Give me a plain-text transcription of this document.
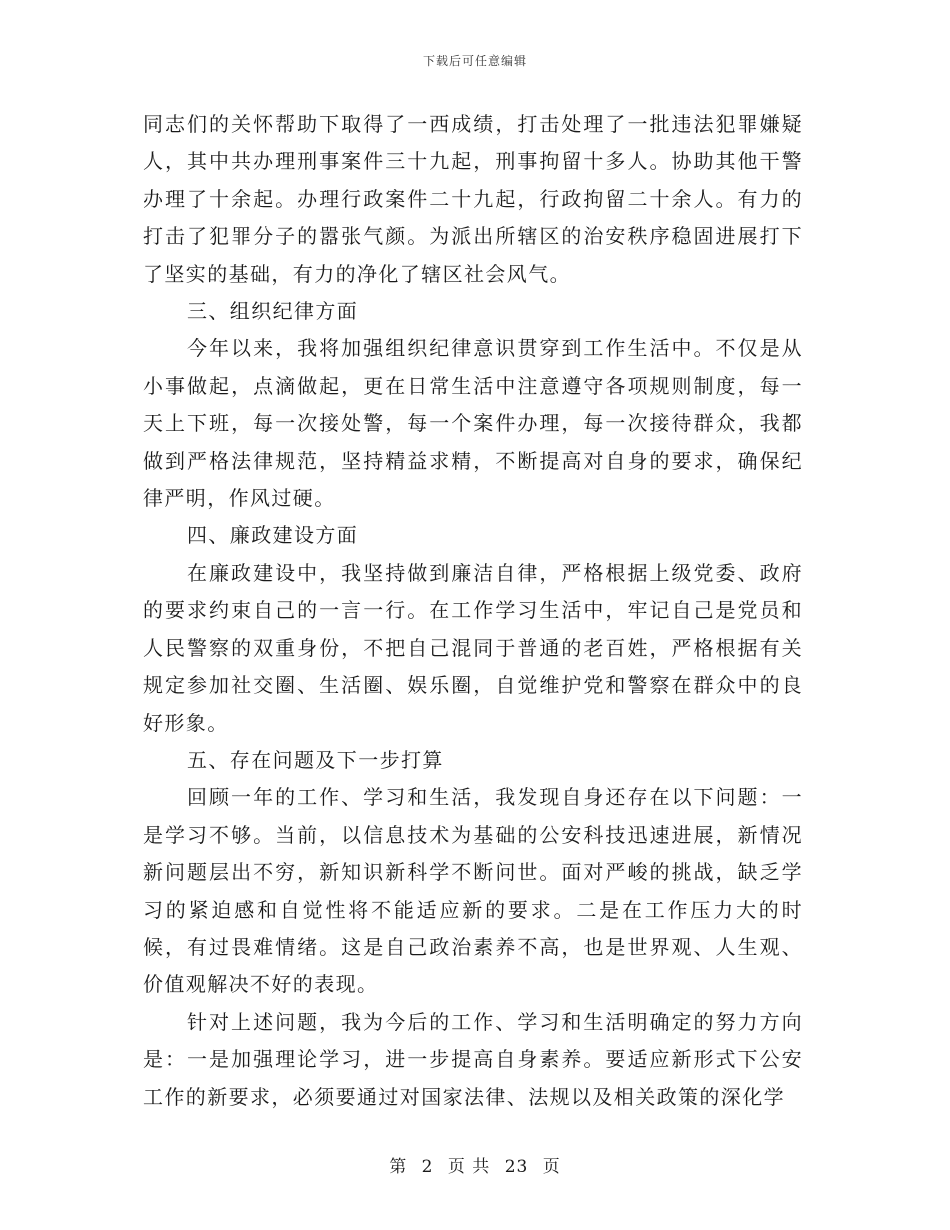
下载后可任意编辑

同志们的关怀帮助下取得了一西成绩，打击处理了一批违法犯罪嫌疑人，其中共办理刑事案件三十九起，刑事拘留十多人。协助其他干警办理了十余起。办理行政案件二十九起，行政拘留二十余人。有力的打击了犯罪分子的嚣张气颜。为派出所辖区的治安秩序稳固进展打下了坚实的基础，有力的净化了辖区社会风气。

三、组织纪律方面

今年以来，我将加强组织纪律意识贯穿到工作生活中。不仅是从小事做起，点滴做起，更在日常生活中注意遵守各项规则制度，每一天上下班，每一次接处警，每一个案件办理，每一次接待群众，我都做到严格法律规范，坚持精益求精，不断提高对自身的要求，确保纪律严明，作风过硬。

四、廉政建设方面

在廉政建设中，我坚持做到廉洁自律，严格根据上级党委、政府的要求约束自己的一言一行。在工作学习生活中，牢记自己是党员和人民警察的双重身份，不把自己混同于普通的老百姓，严格根据有关规定参加社交圈、生活圈、娱乐圈，自觉维护党和警察在群众中的良好形象。

五、存在问题及下一步打算

回顾一年的工作、学习和生活，我发现自身还存在以下问题：一是学习不够。当前，以信息技术为基础的公安科技迅速进展，新情况新问题层出不穷，新知识新科学不断问世。面对严峻的挑战，缺乏学习的紧迫感和自觉性将不能适应新的要求。二是在工作压力大的时候，有过畏难情绪。这是自己政治素养不高，也是世界观、人生观、价值观解决不好的表现。

针对上述问题，我为今后的工作、学习和生活明确定的努力方向是：一是加强理论学习，进一步提高自身素养。要适应新形式下公安工作的新要求，必须要通过对国家法律、法规以及相关政策的深化学

第 2 页 共 23 页
